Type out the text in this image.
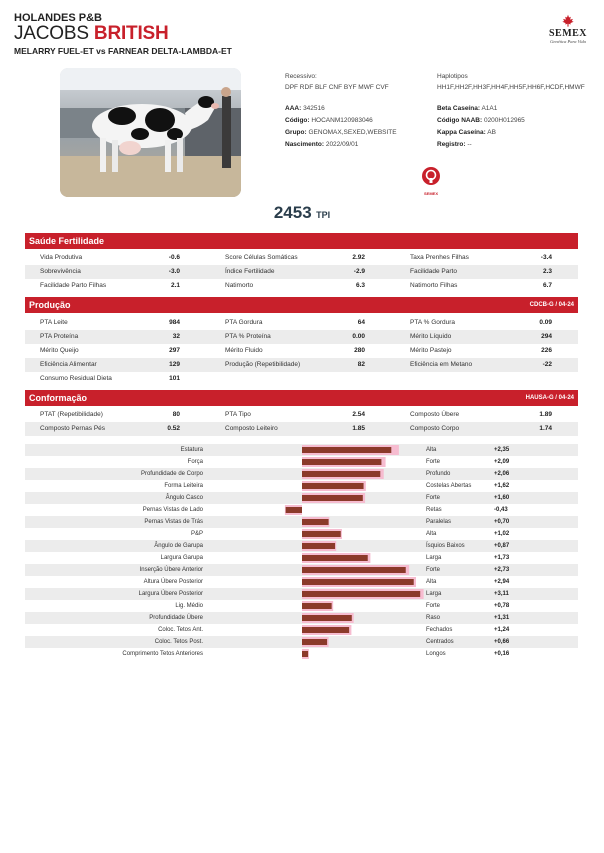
HOLANDES P&B
JACOBS BRITISH
MELARRY FUEL-ET vs FARNEAR DELTA-LAMBDA-ET
SEMEX
Genética Para Vida
Recessivo:
DPF RDF BLF CNF BYF MWF CVF
Haplotipos
HH1F,HH2F,HH3F,HH4F,HH5F,HH6F,HCDF,HMWF
AAA: 342516
Código: HOCANM120983046
Grupo: GENOMAX,SEXED,WEBSITE
Nascimento: 2022/09/01
Beta Caseína: A1A1
Código NAAB: 0200H012965
Kappa Caseína: AB
Registro: --
SEMEX
2453 TPI
Saúde Fertilidade
Vida Produtiva	-0.6	Score Células Somáticas	2.92	Taxa Prenhes Filhas	-3.4
Sobrevivência	-3.0	Índice Fertilidade	-2.9	Facilidade Parto	2.3
Facilidade Parto Filhas	2.1	Natimorto	6.3	Natimorto Filhas	6.7
Produção	CDCB-G / 04-24
PTA Leite	984	PTA Gordura	64	PTA % Gordura	0.09
PTA Proteína	32	PTA % Proteína	0.00	Mérito Líquido	294
Mérito Queijo	297	Mérito Fluido	280	Mérito Pastejo	226
Eficiência Alimentar	129	Produção (Repetibilidade)	82	Eficiência em Metano	-22
Consumo Residual Dieta	101
Conformação	HAUSA-G / 04-24
PTAT (Repetibilidade)	80	PTA Tipo	2.54	Composto Úbere	1.89
Composto Pernas Pés	0.52	Composto Leiteiro	1.85	Composto Corpo	1.74
Estatura	Alta	+2,35
Força	Forte	+2,09
Profundidade de Corpo	Profundo	+2,06
Forma Leiteira	Costelas Abertas	+1,62
Ângulo Casco	Forte	+1,60
Pernas Vistas de Lado	Retas	-0,43
Pernas Vistas de Trás	Paralelas	+0,70
P&P	Alta	+1,02
Ângulo de Garupa	Ísquios Baixos	+0,87
Largura Garupa	Larga	+1,73
Inserção Úbere Anterior	Forte	+2,73
Altura Úbere Posterior	Alta	+2,94
Largura Úbere Posterior	Larga	+3,11
Lig. Médio	Forte	+0,78
Profundidade Úbere	Raso	+1,31
Coloc. Tetos Ant.	Fechados	+1,24
Coloc. Tetos Post.	Centrados	+0,66
Comprimento Tetos Anteriores	Longos	+0,16
